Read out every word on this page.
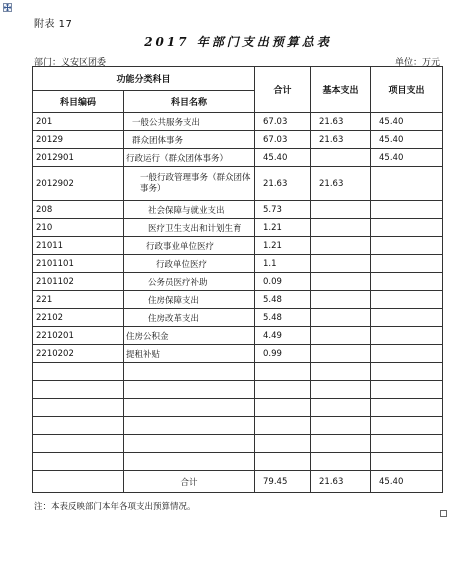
附表 17
2017 年部门支出预算总表
部门：义安区团委	单位：万元
功能分类科目		合计	基本支出	项目支出
科目编码	科目名称			
201	一般公共服务支出	67.03	21.63	45.40
20129	群众团体事务	67.03	21.63	45.40
2012901	行政运行（群众团体事务）	45.40		45.40
2012902	一般行政管理事务（群众团体事务）	21.63	21.63	
208	社会保障与就业支出	5.73		
210	医疗卫生支出和计划生育	1.21		
21011	行政事业单位医疗	1.21		
2101101	行政单位医疗	1.1		
2101102	公务员医疗补助	0.09		
221	住房保障支出	5.48		
22102	住房改革支出	5.48		
2210201	住房公积金	4.49		
2210202	提租补贴	0.99		

	合计	79.45	21.63	45.40
注：本表反映部门本年各项支出预算情况。
